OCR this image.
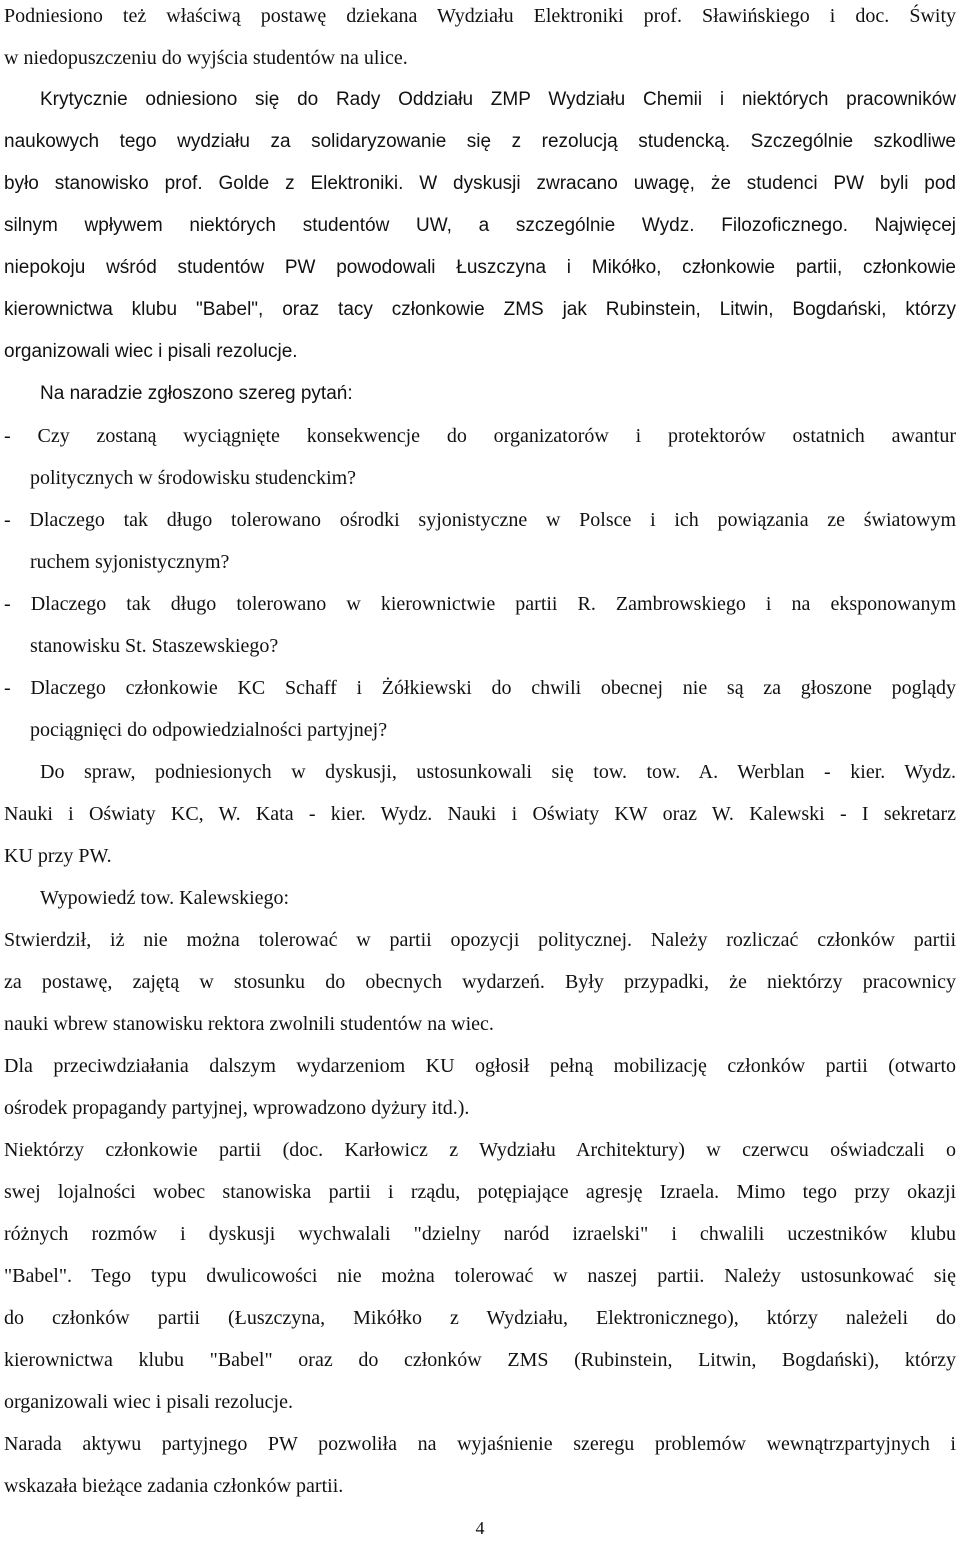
Podniesiono też właściwą postawę dziekana Wydziału Elektroniki prof. Sławińskiego i doc. Świty
w niedopuszczeniu do wyjścia studentów na ulice.
Krytycznie odniesiono się do Rady Oddziału ZMP Wydziału Chemii i niektórych pracowników
naukowych tego wydziału za solidaryzowanie się z rezolucją studencką. Szczególnie szkodliwe
było stanowisko prof. Golde z Elektroniki. W dyskusji zwracano uwagę, że studenci PW byli pod
silnym wpływem niektórych studentów UW, a szczególnie Wydz. Filozoficznego. Najwięcej
niepokoju wśród studentów PW powodowali Łuszczyna i Mikółko, członkowie partii, członkowie
kierownictwa klubu "Babel", oraz tacy członkowie ZMS jak Rubinstein, Litwin, Bogdański, którzy
organizowali wiec i pisali rezolucje.
Na naradzie zgłoszono szereg pytań:
- Czy zostaną wyciągnięte konsekwencje do organizatorów i protektorów ostatnich awantur
politycznych w środowisku studenckim?
- Dlaczego tak długo tolerowano ośrodki syjonistyczne w Polsce i ich powiązania ze światowym
ruchem syjonistycznym?
- Dlaczego tak długo tolerowano w kierownictwie partii R. Zambrowskiego i na eksponowanym
stanowisku St. Staszewskiego?
- Dlaczego członkowie KC Schaff i Żółkiewski do chwili obecnej nie są za głoszone poglądy
pociągnięci do odpowiedzialności partyjnej?
Do spraw, podniesionych w dyskusji, ustosunkowali się tow. tow. A. Werblan - kier. Wydz.
Nauki i Oświaty KC, W. Kata - kier. Wydz. Nauki i Oświaty KW oraz W. Kalewski - I sekretarz
KU przy PW.
Wypowiedź tow. Kalewskiego:
Stwierdził, iż nie można tolerować w partii opozycji politycznej. Należy rozliczać członków partii
za postawę, zajętą w stosunku do obecnych wydarzeń. Były przypadki, że niektórzy pracownicy
nauki wbrew stanowisku rektora zwolnili studentów na wiec.
Dla przeciwdziałania dalszym wydarzeniom KU ogłosił pełną mobilizację członków partii (otwarto
ośrodek propagandy partyjnej, wprowadzono dyżury itd.).
Niektórzy członkowie partii (doc. Karłowicz z Wydziału Architektury) w czerwcu oświadczali o
swej lojalności wobec stanowiska partii i rządu, potępiające agresję Izraela. Mimo tego przy okazji
różnych rozmów i dyskusji wychwalali "dzielny naród izraelski" i chwalili uczestników klubu
"Babel". Tego typu dwulicowości nie można tolerować w naszej partii. Należy ustosunkować się
do członków partii (Łuszczyna, Mikółko z Wydziału, Elektronicznego), którzy należeli do
kierownictwa klubu "Babel" oraz do członków ZMS (Rubinstein, Litwin, Bogdański), którzy
organizowali wiec i pisali rezolucje.
Narada aktywu partyjnego PW pozwoliła na wyjaśnienie szeregu problemów wewnątrzpartyjnych i
wskazała bieżące zadania członków partii.
4
